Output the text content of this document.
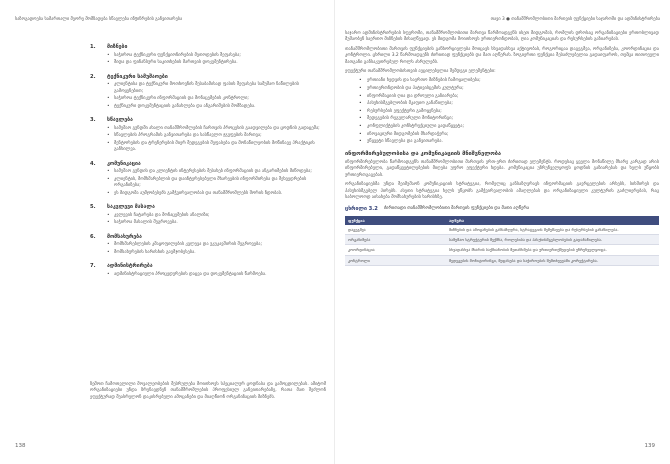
საზოგადოება სამართალი მეორე მომზადება სწავლება ინჟინრების განვითარება	თავი 3 ● თანამშრომლობითი მართვის ფუნქციები საჯაროში და ადმინისტრირება
1.	მიზნები
• საჭიროა ტექნიკური ფუნქციონირების მეთოდების შეფასება;
• შიდა და ფინანსური საკითხების მართვის დოკუმენტირება.
2.	ტექნიკური სამუშაოები
• კლიენტისა და ტექნიკური მოთხოვნის შესაბამისად ფასის შეფასება სამუშაო ნაწილების გამოყენებით;
• საჭიროა ტექნიკური ინფორმაციის და მონაცემების კონტროლი;
• ტექნიკური დოკუმენტაციის განახლება და ანგარიშების მომზადება.
3.	სწავლება
• სამუშაო გუნდში ახალი თანამშრომლების ჩართვის პროცესის გაადვილება და ცოდნის გადაცემა;
• სწავლების პროგრამის განვითარება და სასწავლო ჯგუფების მართვა;
• მენტორების და ტრენერების მიერ შედეგების შეფასება და მონაწილეობის მოწინავე პრაქტიკის განხილვა.
4.	კომუნიკაცია
• სამუშაო გუნდის და კლიენტის ინტერესების შესახებ ინფორმაციის და ანგარიშების მიწოდება;
• კლიენტის, მომხმარებლის და დაინტერესებული მხარეების ინფორმირება და შეხვედრების ორგანიზება;
• ეს მიდგომა აუმჯობესებს გამჭვირვალობას და თანამშრომლებს შორის ნდობას.
5.	საკვლევი მასალა
• კვლევის ჩატარება და მონაცემების ანალიზი;
• საჭიროა მასალის შეგროვება.
6.	მომსახურება
• მომხმარებლების კმაყოფილების კვლევა და უკუკავშირის შეგროვება;
• მომსახურების ხარისხის გაუმჯობესება.
7.	ადმინისტრირება
• ადმინისტრაციული პროცედურების დაცვა და დოკუმენტაციის წარმოება.
ზემოთ ჩამოთვლილი მოვალეობების შესრულება მოითხოვს სპეციალურ ცოდნასა და გამოცდილებას. ამიტომ ორგანიზაციები უნდა ზრუნავდნენ თანამშრომლების პროფესიულ განვითარებაზე, რათა მათ შეძლონ ეფექტურად შეასრულონ დაკისრებული ამოცანები და მიაღწიონ ორგანიზაციის მიზნებს.

საჯარო ადმინისტრირების სფეროში, თანამშრომლობითი მართვა წარმოადგენს ისეთ მიდგომას, რომლის დროსაც ორგანიზაციები ერთობლივად მუშაობენ საერთო მიზნების მისაღწევად. ეს მიდგომა მოითხოვს ურთიერთნდობას, ღია კომუნიკაციას და რესურსების გაზიარებას.

თანამშრომლობითი მართვის ფუნქციების განხორციელება მოიცავს სხვადასხვა აქტივობას, როგორიცაა დაგეგმვა, ორგანიზება, კოორდინაცია და კონტროლი. ცხრილი 3.2 წარმოადგენს ძირითად ფუნქციებს და მათ აღწერას. ზოგიერთი ფუნქცია შესაძლებელია გადაიფაროს, თუმცა თითოეული მათგანი განსაკუთრებულ როლს ასრულებს.

ეფექტური თანამშრომლობისთვის აუცილებელია შემდეგი ელემენტები:

• ერთიანი ხედვის და საერთო მიზნების ჩამოყალიბება;
• ურთიერთნდობის და პატივისცემის კულტურა;
• ინფორმაციის ღია და დროული გაზიარება;
• პასუხისმგებლობის მკაფიო განაწილება;
• რესურსების ეფექტური გამოყენება;
• შედეგების რეგულარული მონიტორინგი;
• კონფლიქტების კონსტრუქციული გადაწყვეტა;
• ინოვაციური მიდგომების მხარდაჭერა;
• უწყვეტი სწავლება და განვითარება.
ინფორმირებულობისა და კომუნიკაციის მნიშვნელობა

ინფორმირებულობა წარმოადგენს თანამშრომლობითი მართვის ერთ-ერთ ძირითად ელემენტს. როდესაც ყველა მონაწილე მხარე კარგად არის ინფორმირებული, გადაწყვეტილებების მიღება უფრო ეფექტური ხდება. კომუნიკაცია უზრუნველყოფს ცოდნის გაზიარებას და ხელს უწყობს ურთიერთგაგებას.

ორგანიზაციებმა უნდა შეიმუშაონ კომუნიკაციის სტრატეგია, რომელიც განსაზღვრავს ინფორმაციის გავრცელების არხებს, სიხშირეს და პასუხისმგებელ პირებს. ასეთი სტრატეგია ხელს უწყობს გამჭვირვალობის ამაღლებას და ორგანიზაციული კულტურის გაძლიერებას, რაც საბოლოოდ აისახება მომსახურების ხარისხზე.

ცხრილი 3.2 ძირითადი თანამშრომლობითი მართვის ფუნქციები და მათი აღწერა
ფუნქცია	აღწერა
დაგეგმვა	მიზნების და ამოცანების განსაზღვრა, სტრატეგიის შემუშავება და რესურსების განაწილება.
ორგანიზება	სამუშაო სტრუქტურის შექმნა, როლებისა და პასუხისმგებლობების გადანაწილება.
კოორდინაცია	სხვადასხვა მხარის საქმიანობის შეთანხმება და ურთიერთქმედების უზრუნველყოფა.
კონტროლი	შედეგების მონიტორინგი, შეფასება და საჭიროების შემთხვევაში კორექტირება.
138	139
